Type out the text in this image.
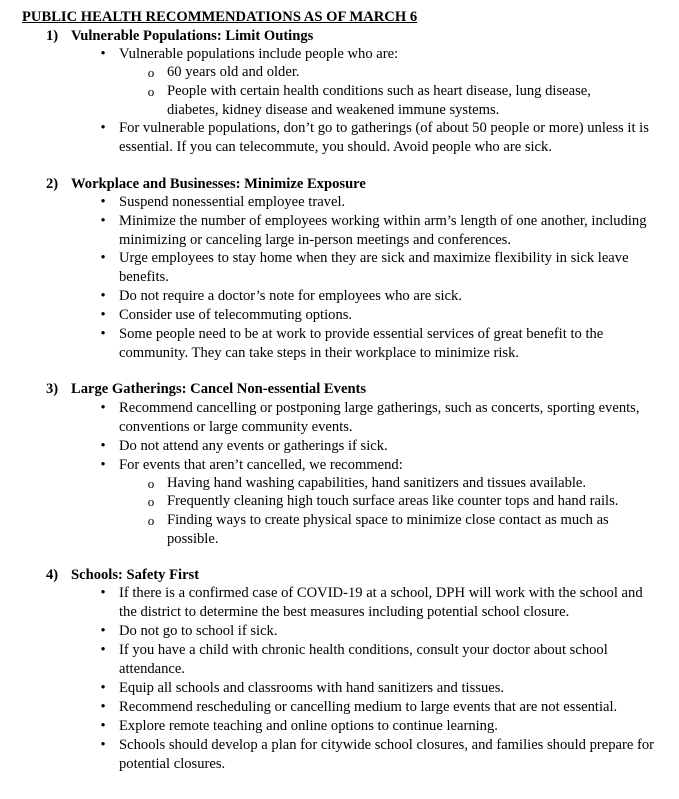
PUBLIC HEALTH RECOMMENDATIONS AS OF MARCH 6
1) Vulnerable Populations: Limit Outings
• Vulnerable populations include people who are:
o 60 years old and older.
o People with certain health conditions such as heart disease, lung disease, diabetes, kidney disease and weakened immune systems.
• For vulnerable populations, don’t go to gatherings (of about 50 people or more) unless it is essential. If you can telecommute, you should. Avoid people who are sick.
2) Workplace and Businesses: Minimize Exposure
• Suspend nonessential employee travel.
• Minimize the number of employees working within arm’s length of one another, including minimizing or canceling large in-person meetings and conferences.
• Urge employees to stay home when they are sick and maximize flexibility in sick leave benefits.
• Do not require a doctor’s note for employees who are sick.
• Consider use of telecommuting options.
• Some people need to be at work to provide essential services of great benefit to the community. They can take steps in their workplace to minimize risk.
3) Large Gatherings: Cancel Non-essential Events
• Recommend cancelling or postponing large gatherings, such as concerts, sporting events, conventions or large community events.
• Do not attend any events or gatherings if sick.
• For events that aren’t cancelled, we recommend:
o Having hand washing capabilities, hand sanitizers and tissues available.
o Frequently cleaning high touch surface areas like counter tops and hand rails.
o Finding ways to create physical space to minimize close contact as much as possible.
4) Schools: Safety First
• If there is a confirmed case of COVID-19 at a school, DPH will work with the school and the district to determine the best measures including potential school closure.
• Do not go to school if sick.
• If you have a child with chronic health conditions, consult your doctor about school attendance.
• Equip all schools and classrooms with hand sanitizers and tissues.
• Recommend rescheduling or cancelling medium to large events that are not essential.
• Explore remote teaching and online options to continue learning.
• Schools should develop a plan for citywide school closures, and families should prepare for potential closures.
